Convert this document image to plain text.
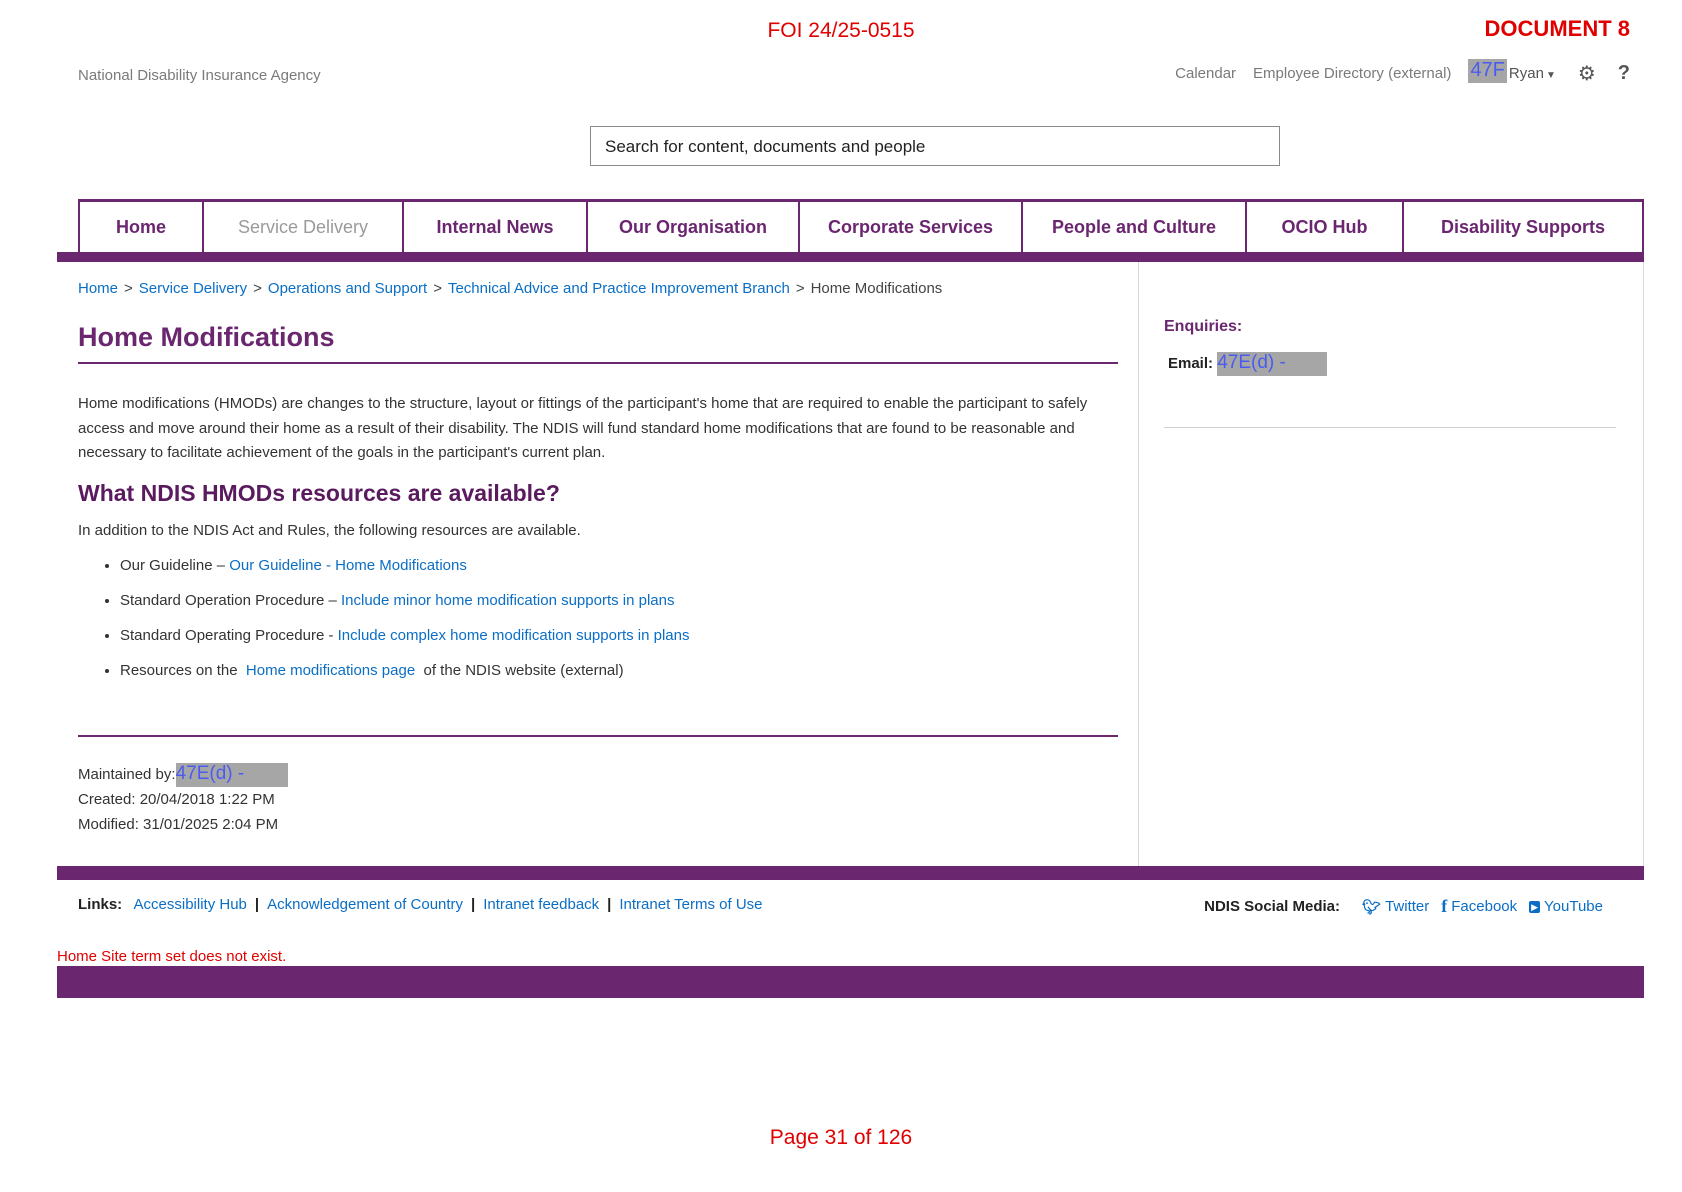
FOI 24/25-0515	DOCUMENT 8
National Disability Insurance Agency	Calendar Employee Directory (external) 47F Ryan ▼ ⚙ ?
Search for content, documents and people
Home	Service Delivery	Internal News	Our Organisation	Corporate Services	People and Culture	OCIO Hub	Disability Supports
Home > Service Delivery > Operations and Support > Technical Advice and Practice Improvement Branch > Home Modifications
Home Modifications

Home modifications (HMODs) are changes to the structure, layout or fittings of the participant's home that are required to enable the participant to safely access and move around their home as a result of their disability. The NDIS will fund standard home modifications that are found to be reasonable and necessary to facilitate achievement of the goals in the participant's current plan.

What NDIS HMODs resources are available?

In addition to the NDIS Act and Rules, the following resources are available.

• Our Guideline – Our Guideline - Home Modifications
• Standard Operation Procedure – Include minor home modification supports in plans
• Standard Operating Procedure - Include complex home modification supports in plans
• Resources on the  Home modifications page  of the NDIS website (external)
Maintained by:47E(d) -
Created: 20/04/2018 1:22 PM
Modified: 31/01/2025 2:04 PM
Enquiries:
Email: 47E(d) -
Links: Accessibility Hub | Acknowledgement of Country | Intranet feedback | Intranet Terms of Use	NDIS Social Media: 🐦︎ Twitter f Facebook ▶ YouTube
Home Site term set does not exist.
Page 31 of 126
